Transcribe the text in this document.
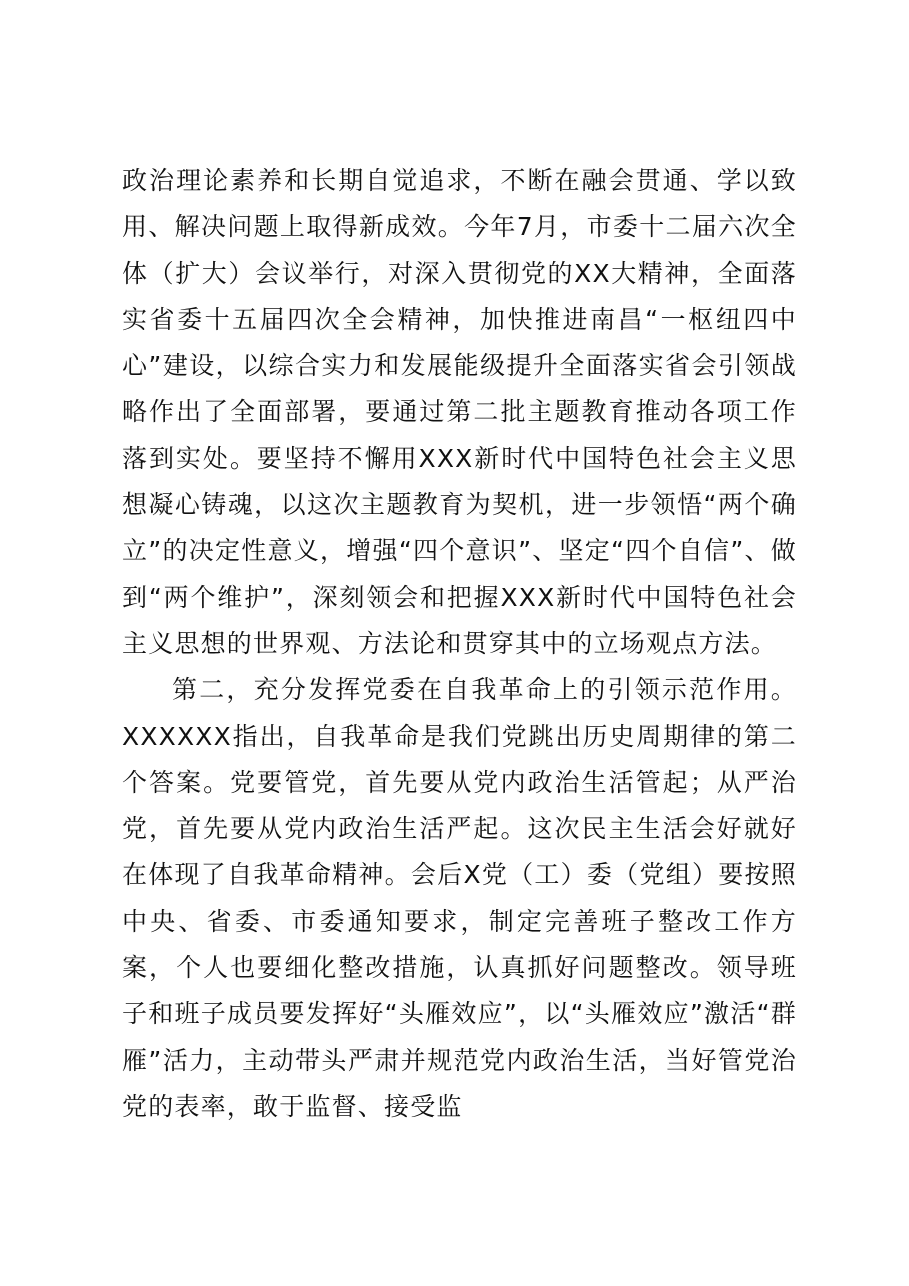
政治理论素养和长期自觉追求，不断在融会贯通、学以致用、解决问题上取得新成效。今年7月，市委十二届六次全体（扩大）会议举行，对深入贯彻党的XX大精神，全面落实省委十五届四次全会精神，加快推进南昌“一枢纽四中心”建设，以综合实力和发展能级提升全面落实省会引领战略作出了全面部署，要通过第二批主题教育推动各项工作落到实处。要坚持不懈用XXX新时代中国特色社会主义思想凝心铸魂，以这次主题教育为契机，进一步领悟“两个确立”的决定性意义，增强“四个意识”、坚定“四个自信”、做到“两个维护”，深刻领会和把握XXX新时代中国特色社会主义思想的世界观、方法论和贯穿其中的立场观点方法。

第二，充分发挥党委在自我革命上的引领示范作用。XXXXXX指出，自我革命是我们党跳出历史周期律的第二个答案。党要管党，首先要从党内政治生活管起；从严治党，首先要从党内政治生活严起。这次民主生活会好就好在体现了自我革命精神。会后X党（工）委（党组）要按照中央、省委、市委通知要求，制定完善班子整改工作方案，个人也要细化整改措施，认真抓好问题整改。领导班子和班子成员要发挥好“头雁效应”，以“头雁效应”激活“群雁”活力，主动带头严肃并规范党内政治生活，当好管党治党的表率，敢于监督、接受监
